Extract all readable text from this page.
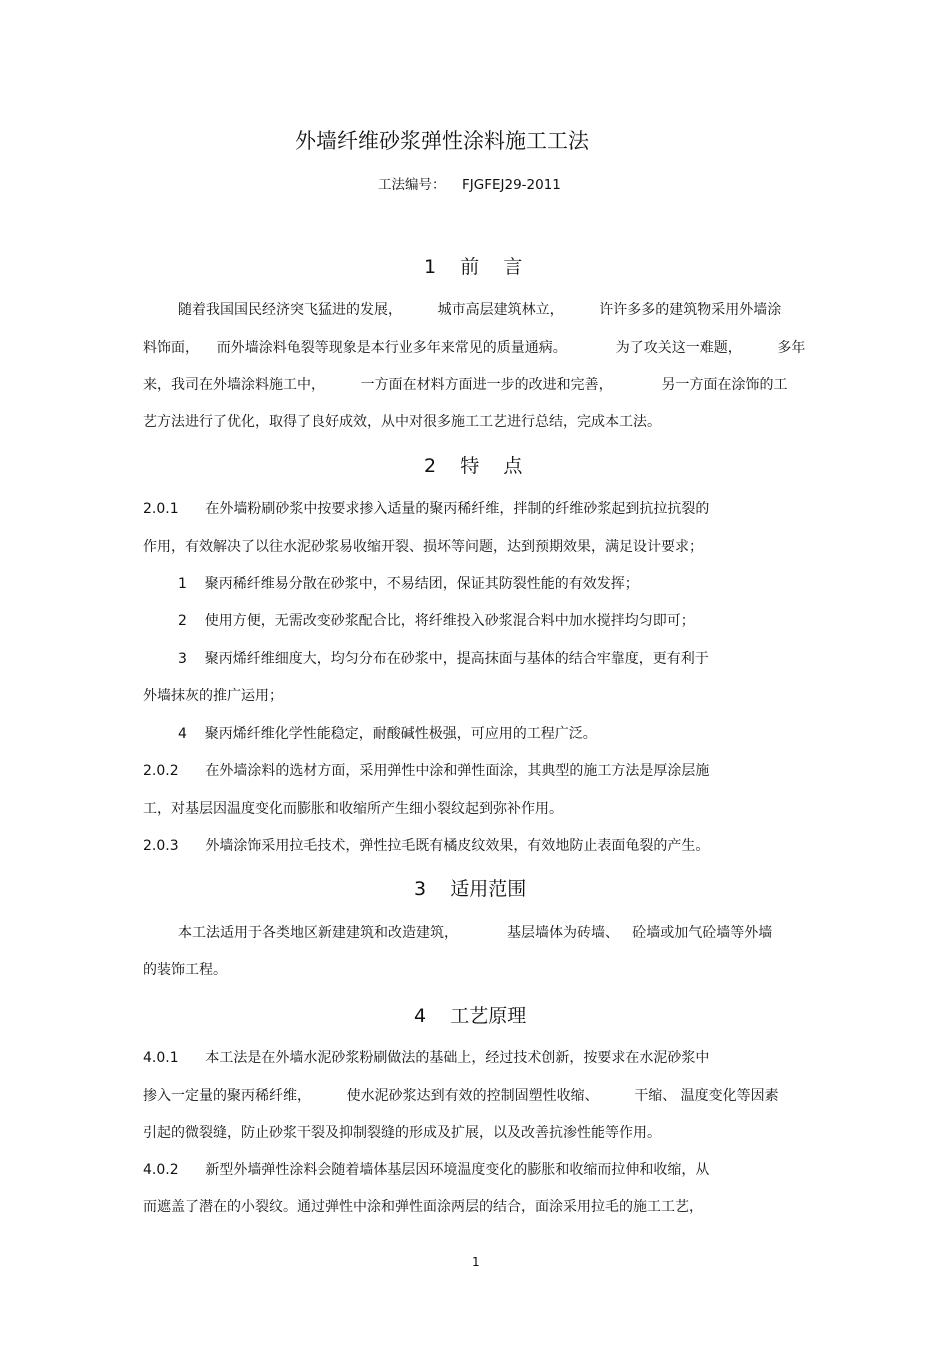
外墙纤维砂浆弹性涂料施工工法
工法编号： FJGFEJ29-2011
1    前    言
随着我国国民经济突飞猛进的发展，        城市高层建筑林立，        许许多多的建筑物采用外墙涂
料饰面，    而外墙涂料龟裂等现象是本行业多年来常见的质量通病。           为了攻关这一难题，        多年
来，我司在外墙涂料施工中，        一方面在材料方面进一步的改进和完善，           另一方面在涂饰的工
艺方法进行了优化，取得了良好成效，从中对很多施工工艺进行总结，完成本工法。
2    特    点
2.0.1      在外墙粉刷砂浆中按要求掺入适量的聚丙稀纤维，拌制的纤维砂浆起到抗拉抗裂的
作用，有效解决了以往水泥砂浆易收缩开裂、损坏等问题，达到预期效果，满足设计要求；
1    聚丙稀纤维易分散在砂浆中，不易结团，保证其防裂性能的有效发挥；
2    使用方便，无需改变砂浆配合比，将纤维投入砂浆混合料中加水搅拌均匀即可；
3    聚丙烯纤维细度大，均匀分布在砂浆中，提高抹面与基体的结合牢靠度，更有利于
外墙抹灰的推广运用；
4    聚丙烯纤维化学性能稳定，耐酸碱性极强，可应用的工程广泛。
2.0.2      在外墙涂料的选材方面，采用弹性中涂和弹性面涂，其典型的施工方法是厚涂层施
工，对基层因温度变化而膨胀和收缩所产生细小裂纹起到弥补作用。
2.0.3      外墙涂饰采用拉毛技术，弹性拉毛既有橘皮纹效果，有效地防止表面龟裂的产生。
3    适用范围
本工法适用于各类地区新建建筑和改造建筑，           基层墙体为砖墙、   砼墙或加气砼墙等外墙
的装饰工程。
4    工艺原理
4.0.1      本工法是在外墙水泥砂浆粉刷做法的基础上，经过技术创新，按要求在水泥砂浆中
掺入一定量的聚丙稀纤维，        使水泥砂浆达到有效的控制固塑性收缩、        干缩、 温度变化等因素
引起的微裂缝，防止砂浆干裂及抑制裂缝的形成及扩展，以及改善抗渗性能等作用。
4.0.2      新型外墙弹性涂料会随着墙体基层因环境温度变化的膨胀和收缩而拉伸和收缩，从
而遮盖了潜在的小裂纹。通过弹性中涂和弹性面涂两层的结合，面涂采用拉毛的施工工艺，
1
